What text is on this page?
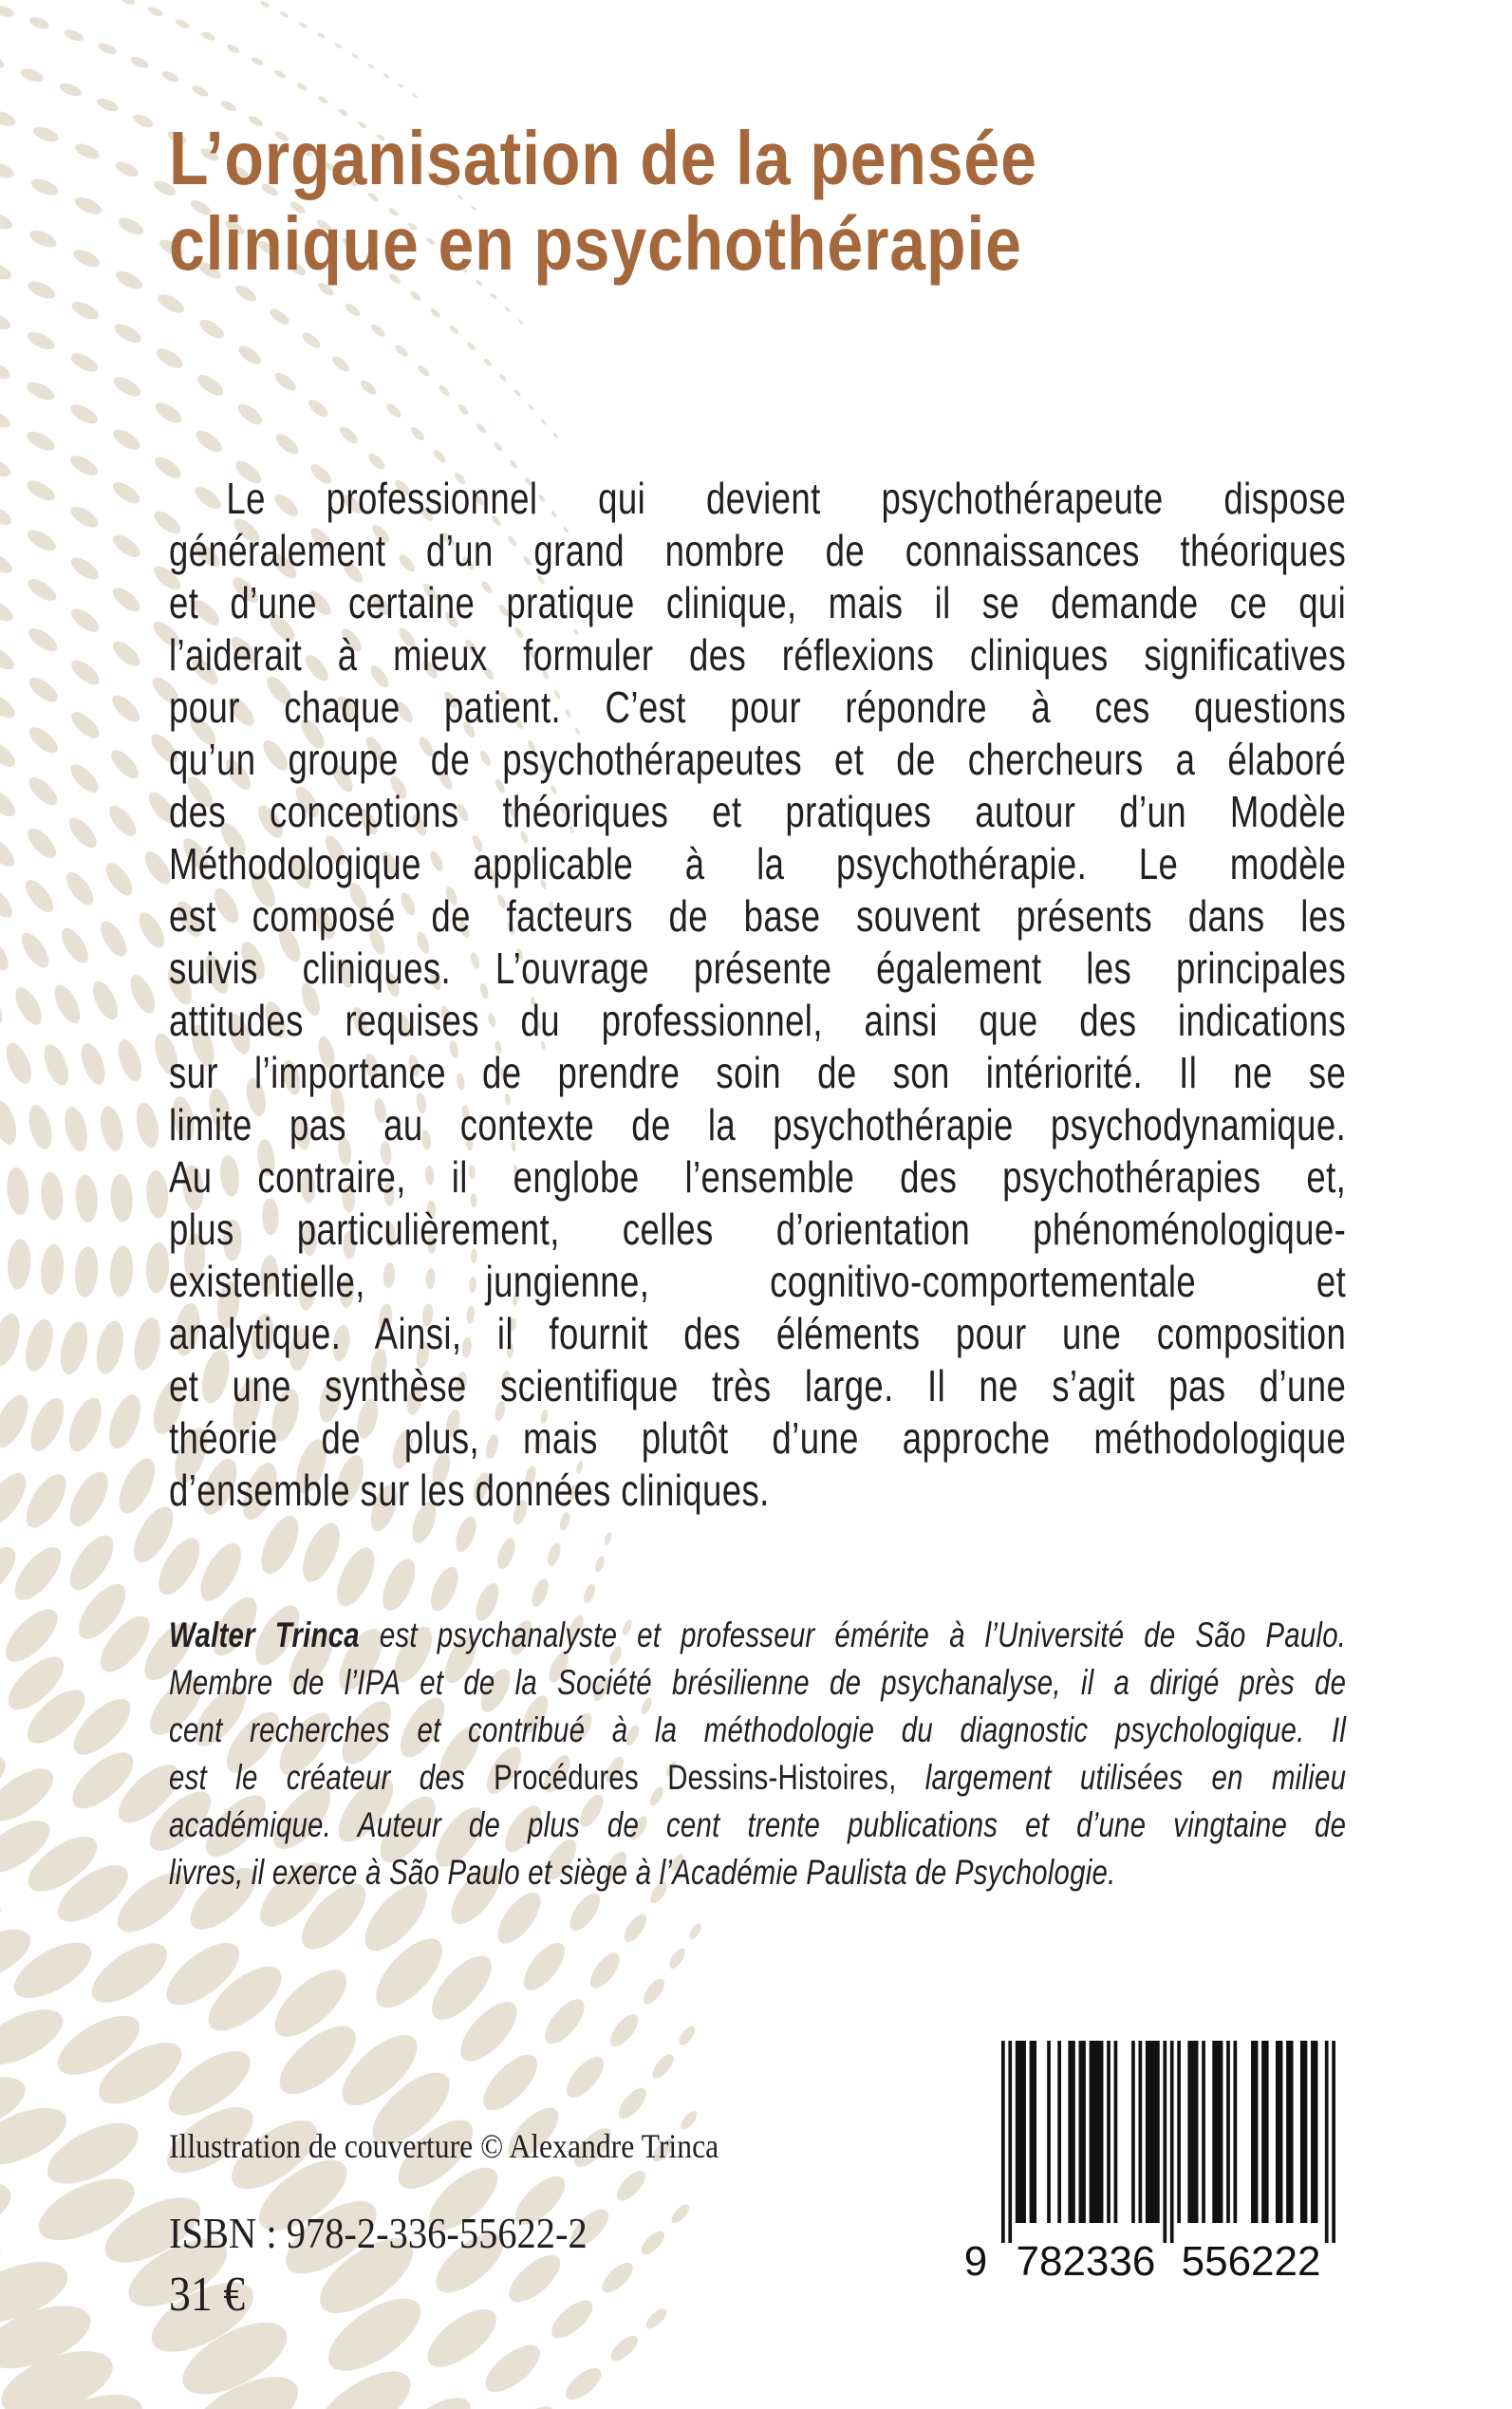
L’organisation de la pensée
clinique en psychothérapie
Le professionnel qui devient psychothérapeute dispose
généralement d’un grand nombre de connaissances théoriques
et d’une certaine pratique clinique, mais il se demande ce qui
l’aiderait à mieux formuler des réflexions cliniques significatives
pour chaque patient. C’est pour répondre à ces questions
qu’un groupe de psychothérapeutes et de chercheurs a élaboré
des conceptions théoriques et pratiques autour d’un Modèle
Méthodologique applicable à la psychothérapie. Le modèle
est composé de facteurs de base souvent présents dans les
suivis cliniques. L’ouvrage présente également les principales
attitudes requises du professionnel, ainsi que des indications
sur l’importance de prendre soin de son intériorité. Il ne se
limite pas au contexte de la psychothérapie psychodynamique.
Au contraire, il englobe l’ensemble des psychothérapies et,
plus particulièrement, celles d’orientation phénoménologique-
existentielle, jungienne, cognitivo-comportementale et
analytique. Ainsi, il fournit des éléments pour une composition
et une synthèse scientifique très large. Il ne s’agit pas d’une
théorie de plus, mais plutôt d’une approche méthodologique
d’ensemble sur les données cliniques.
Walter Trinca est psychanalyste et professeur émérite à l’Université de São Paulo.
Membre de l’IPA et de la Société brésilienne de psychanalyse, il a dirigé près de
cent recherches et contribué à la méthodologie du diagnostic psychologique. Il
est le créateur des Procédures Dessins-Histoires, largement utilisées en milieu
académique. Auteur de plus de cent trente publications et d’une vingtaine de
livres, il exerce à São Paulo et siège à l’Académie Paulista de Psychologie.
Illustration de couverture © Alexandre Trinca
ISBN : 978-2-336-55622-2
31 €
9 782336 556222
